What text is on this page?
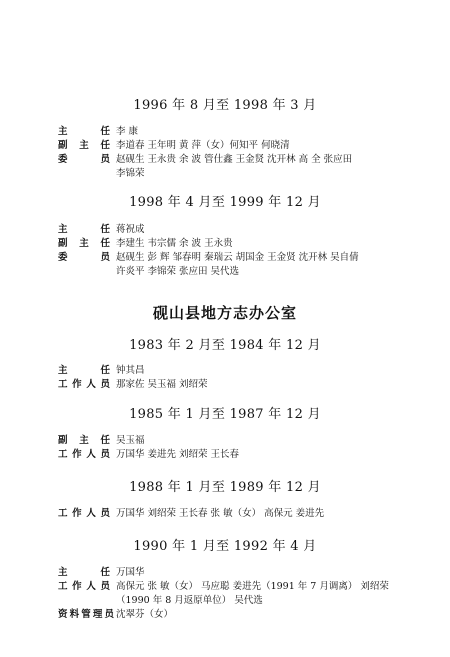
1996 年 8 月至 1998 年 3 月
主　　任 李 康
副 主 任 李道春 王年明 黄 萍（女）何知平 何晓清
委　　员 赵砚生 王永贵 余 波 管仕鑫 王金贤 沈开林 高 全 张应田
李锦荣
1998 年 4 月至 1999 年 12 月
主　　任 蒋祝成
副 主 任 李建生 韦宗儒 余 波 王永贵
委　　员 赵砚生 彭 辉 邹春明 秦瑞云 胡国金 王金贤 沈开林 吴自倩
许炎平 李锦荣 张应田 吴代选
砚山县地方志办公室
1983 年 2 月至 1984 年 12 月
主　　任 钟其昌
工作人员 那家佐 吴玉福 刘绍荣
1985 年 1 月至 1987 年 12 月
副 主 任 吴玉福
工作人员 万国华 姜进先 刘绍荣 王长春
1988 年 1 月至 1989 年 12 月
工作人员 万国华 刘绍荣 王长春 张 敏（女） 高保元 姜进先
1990 年 1 月至 1992 年 4 月
主　　任 万国华
工作人员 高保元 张 敏（女） 马应聪 姜进先（1991 年 7 月调离） 刘绍荣
（1990 年 8 月返原单位） 吴代选
资料管理员 沈翠芬（女）
